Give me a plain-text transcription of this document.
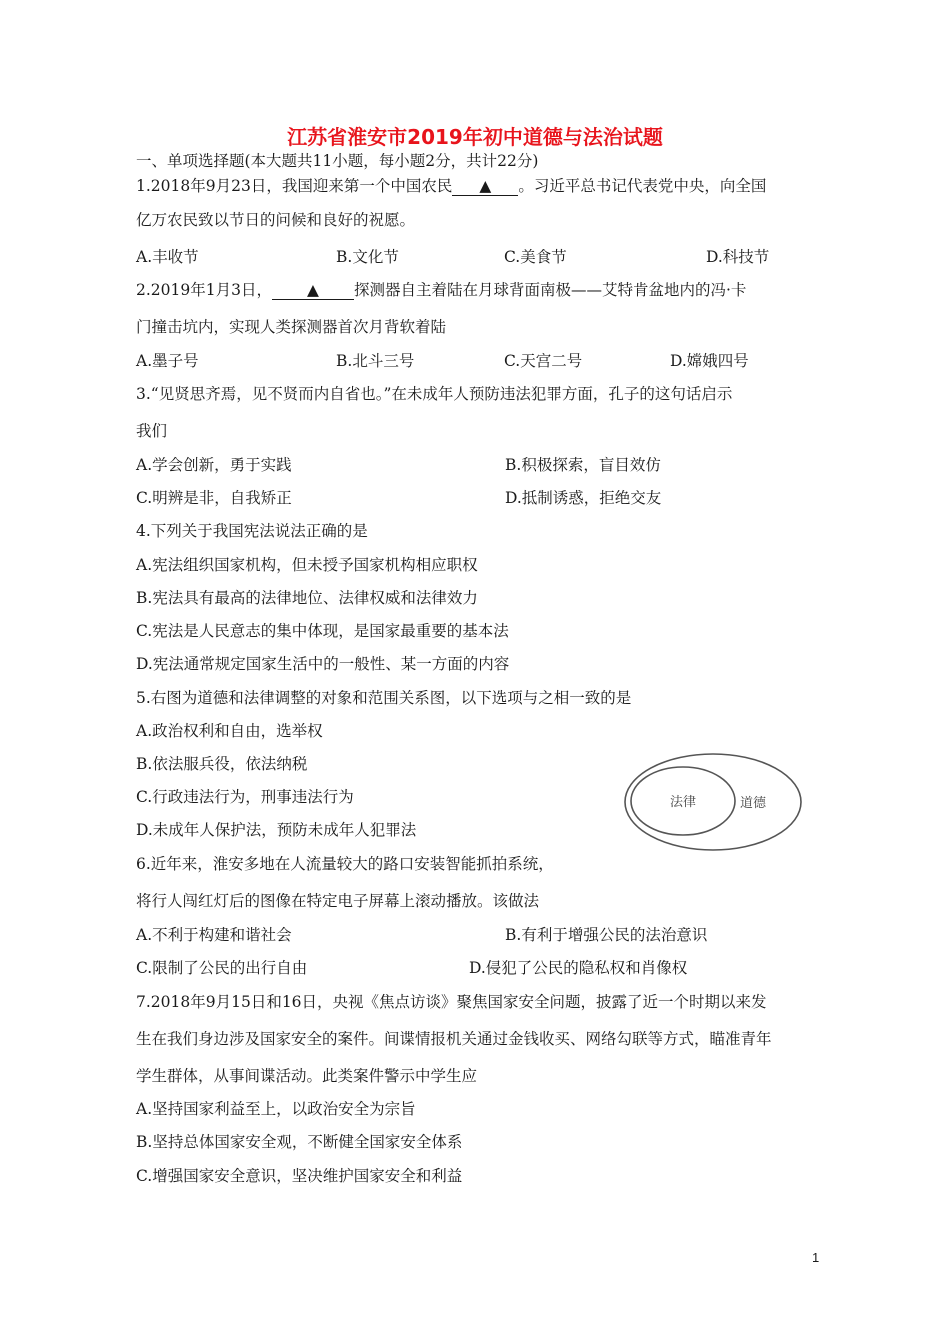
江苏省淮安市2019年初中道德与法治试题
一、单项选择题(本大题共11小题，每小题2分，共计22分)
1.2018年9月23日，我国迎来第一个中国农民 ▲ 。习近平总书记代表党中央，向全国
亿万农民致以节日的问候和良好的祝愿。
A.丰收节	B.文化节	C.美食节	D.科技节
2.2019年1月3日， ▲ 探测器自主着陆在月球背面南极——艾特肯盆地内的冯·卡
门撞击坑内，实现人类探测器首次月背软着陆
A.墨子号	B.北斗三号	C.天宫二号	D.嫦娥四号
3.“见贤思齐焉，见不贤而内自省也。”在未成年人预防违法犯罪方面，孔子的这句话启示
我们
A.学会创新，勇于实践	B.积极探索，盲目效仿
C.明辨是非，自我矫正	D.抵制诱惑，拒绝交友
4.下列关于我国宪法说法正确的是
A.宪法组织国家机构，但未授予国家机构相应职权
B.宪法具有最高的法律地位、法律权威和法律效力
C.宪法是人民意志的集中体现，是国家最重要的基本法
D.宪法通常规定国家生活中的一般性、某一方面的内容
5.右图为道德和法律调整的对象和范围关系图，以下选项与之相一致的是
A.政治权利和自由，选举权
B.依法服兵役，依法纳税
C.行政违法行为，刑事违法行为
D.未成年人保护法，预防未成年人犯罪法
法律	道德
6.近年来，淮安多地在人流量较大的路口安装智能抓拍系统，
将行人闯红灯后的图像在特定电子屏幕上滚动播放。该做法
A.不利于构建和谐社会	B.有利于增强公民的法治意识
C.限制了公民的出行自由	D.侵犯了公民的隐私权和肖像权
7.2018年9月15日和16日，央视《焦点访谈》聚焦国家安全问题，披露了近一个时期以来发
生在我们身边涉及国家安全的案件。间谍情报机关通过金钱收买、网络勾联等方式，瞄准青年
学生群体，从事间谍活动。此类案件警示中学生应
A.坚持国家利益至上，以政治安全为宗旨
B.坚持总体国家安全观，不断健全国家安全体系
C.增强国家安全意识，坚决维护国家安全和利益
1
